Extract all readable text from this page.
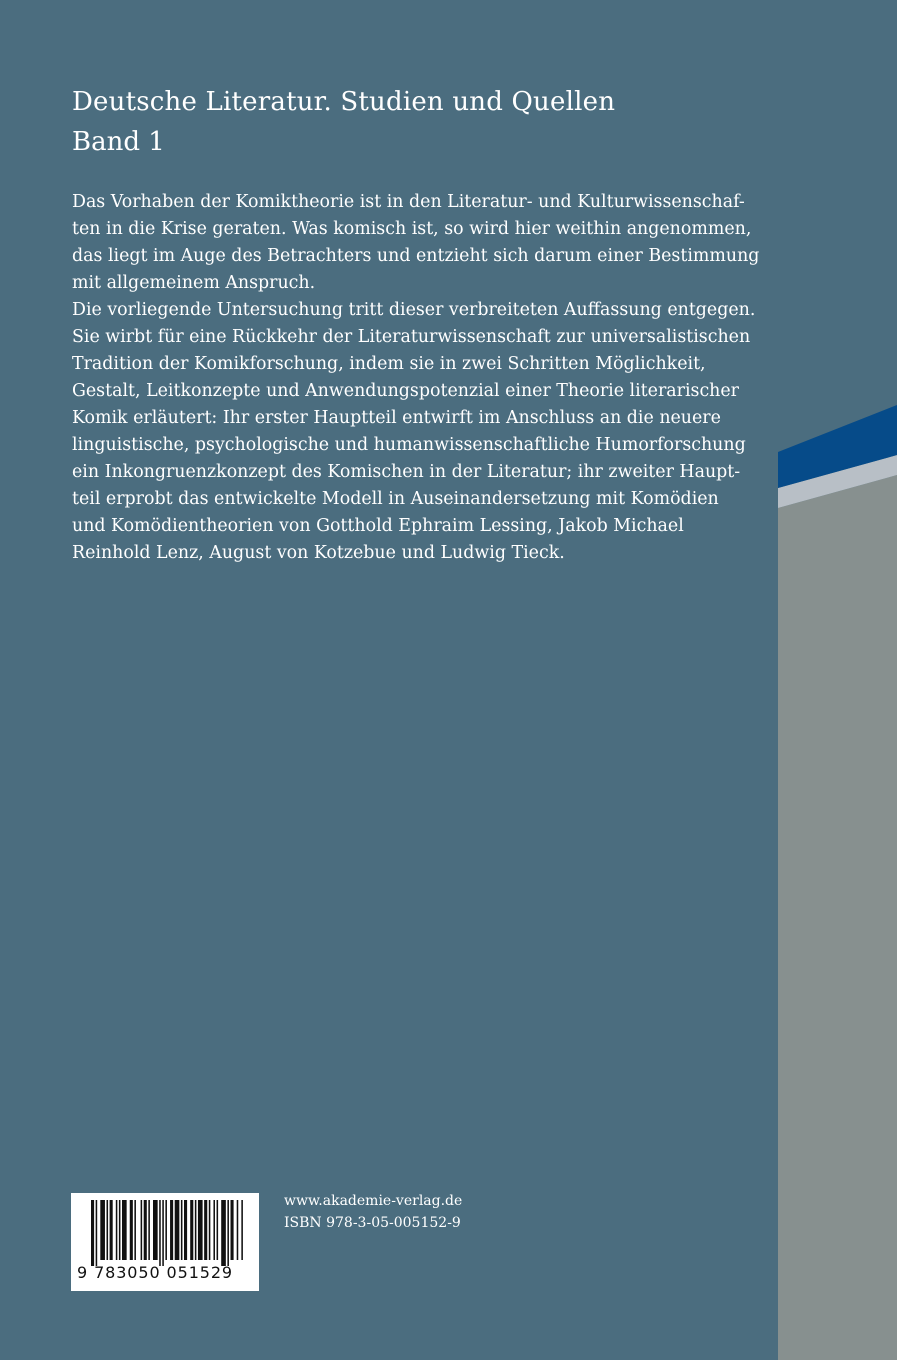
Deutsche Literatur. Studien und Quellen
Band 1

Das Vorhaben der Komiktheorie ist in den Literatur- und Kulturwissenschaf-
ten in die Krise geraten. Was komisch ist, so wird hier weithin angenommen,
das liegt im Auge des Betrachters und entzieht sich darum einer Bestimmung
mit allgemeinem Anspruch.

Die vorliegende Untersuchung tritt dieser verbreiteten Auffassung entgegen.
Sie wirbt für eine Rückkehr der Literaturwissenschaft zur universalistischen
Tradition der Komikforschung, indem sie in zwei Schritten Möglichkeit,
Gestalt, Leitkonzepte und Anwendungspotenzial einer Theorie literarischer
Komik erläutert: Ihr erster Hauptteil entwirft im Anschluss an die neuere
linguistische, psychologische und humanwissenschaftliche Humorforschung
ein Inkongruenzkonzept des Komischen in der Literatur; ihr zweiter Haupt-
teil erprobt das entwickelte Modell in Auseinandersetzung mit Komödien
und Komödientheorien von Gotthold Ephraim Lessing, Jakob Michael
Reinhold Lenz, August von Kotzebue und Ludwig Tieck.

9 783050 051529
www.akademie-verlag.de
ISBN 978-3-05-005152-9
